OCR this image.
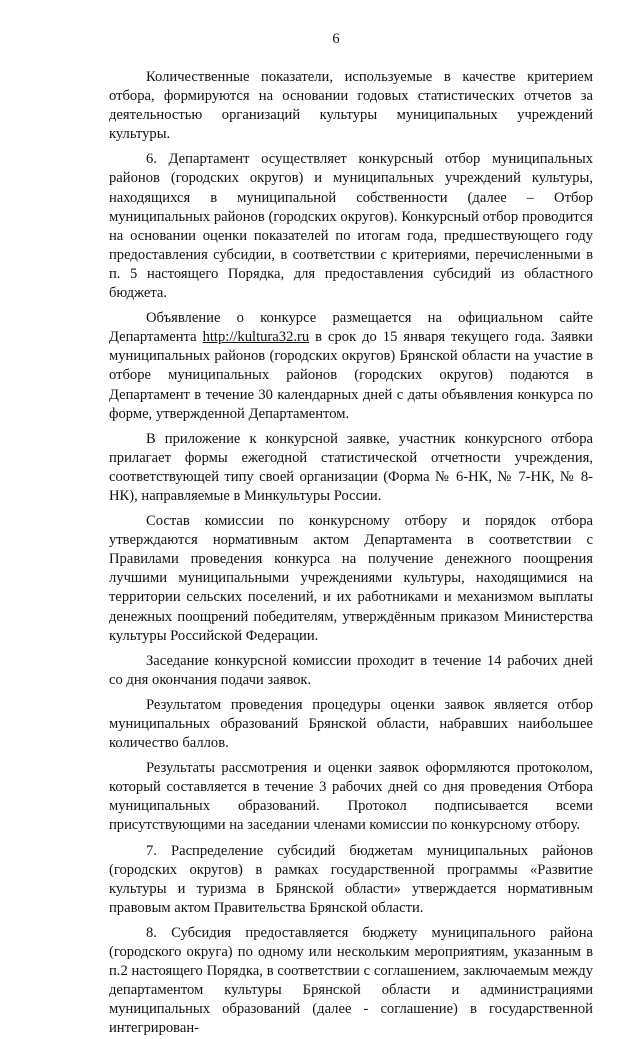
6

Количественные показатели, используемые в качестве критерием отбора, формируются на основании годовых статистических отчетов за деятельностью организаций культуры муниципальных учреждений культуры.

6. Департамент осуществляет конкурсный отбор муниципальных районов (городских округов) и муниципальных учреждений культуры, находящихся в муниципальной собственности (далее – Отбор муниципальных районов (городских округов). Конкурсный отбор проводится на основании оценки показателей по итогам года, предшествующего году предоставления субсидии, в соответствии с критериями, перечисленными в п. 5 настоящего Порядка, для предоставления субсидий из областного бюджета.

Объявление о конкурсе размещается на официальном сайте Департамента http://kultura32.ru в срок до 15 января текущего года. Заявки муниципальных районов (городских округов) Брянской области на участие в отборе муниципальных районов (городских округов) подаются в Департамент в течение 30 календарных дней с даты объявления конкурса по форме, утвержденной Департаментом.

В приложение к конкурсной заявке, участник конкурсного отбора прилагает формы ежегодной статистической отчетности учреждения, соответствующей типу своей организации (Форма № 6-НК, № 7-НК, № 8-НК), направляемые в Минкультуры России.

Состав комиссии по конкурсному отбору и порядок отбора утверждаются нормативным актом Департамента в соответствии с Правилами проведения конкурса на получение денежного поощрения лучшими муниципальными учреждениями культуры, находящимися на территории сельских поселений, и их работниками и механизмом выплаты денежных поощрений победителям, утверждённым приказом Министерства культуры Российской Федерации.

Заседание конкурсной комиссии проходит в течение 14 рабочих дней со дня окончания подачи заявок.

Результатом проведения процедуры оценки заявок является отбор муниципальных образований Брянской области, набравших наибольшее количество баллов.

Результаты рассмотрения и оценки заявок оформляются протоколом, который составляется в течение 3 рабочих дней со дня проведения Отбора муниципальных образований. Протокол подписывается всеми присутствующими на заседании членами комиссии по конкурсному отбору.

7. Распределение субсидий бюджетам муниципальных районов (городских округов) в рамках государственной программы «Развитие культуры и туризма в Брянской области» утверждается нормативным правовым актом Правительства Брянской области.

8. Субсидия предоставляется бюджету муниципального района (городского округа) по одному или нескольким мероприятиям, указанным в п.2 настоящего Порядка, в соответствии с соглашением, заключаемым между департаментом культуры Брянской области и администрациями муниципальных образований (далее - соглашение) в государственной интегрирован-
